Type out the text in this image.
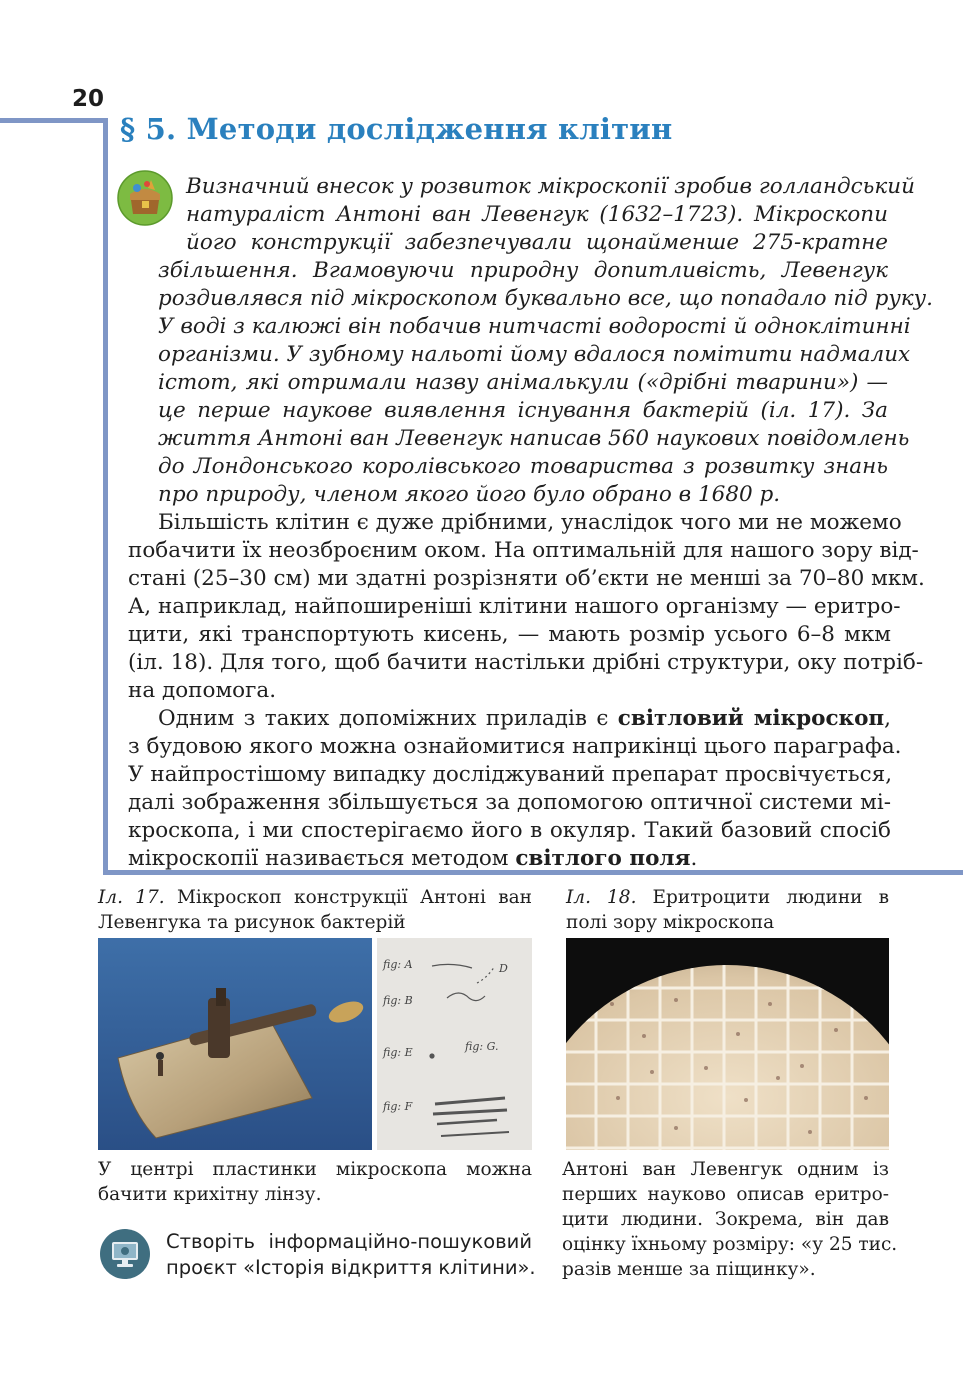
20
§ 5. Методи дослідження клітин
Визначний внесок у розвиток мікроскопії зробив голландський
натураліст Антоні ван Левенгук (1632–1723). Мікроскопи
його конструкції забезпечували щонайменше 275-кратне
збільшення. Вгамовуючи природну допитливість, Левенгук
роздивлявся під мікроскопом буквально все, що попадало під руку.
У воді з калюжі він побачив нитчасті водорості й одноклітинні
організми. У зубному нальоті йому вдалося помітити надмалих
істот, які отримали назву анімалькули («дрібні тварини») —
це перше наукове виявлення існування бактерій (іл. 17). За
життя Антоні ван Левенгук написав 560 наукових повідомлень
до Лондонського королівського товариства з розвитку знань
про природу, членом якого його було обрано в 1680 р.
Більшість клітин є дуже дрібними, унаслідок чого ми не можемо
побачити їх неозброєним оком. На оптимальній для нашого зору від-
стані (25–30 см) ми здатні розрізняти об’єкти не менші за 70–80 мкм.
А, наприклад, найпоширеніші клітини нашого організму — еритро-
цити, які транспортують кисень, — мають розмір усього 6–8 мкм
(іл. 18). Для того, щоб бачити настільки дрібні структури, оку потріб-
на допомога.
Одним з таких допоміжних приладів є світловий мікроскоп,
з будовою якого можна ознайомитися наприкінці цього параграфа.
У найпростішому випадку досліджуваний препарат просвічується,
далі зображення збільшується за допомогою оптичної системи мі-
кроскопа, і ми спостерігаємо його в окуляр. Такий базовий спосіб
мікроскопії називається методом світлого поля.
Іл. 17. Мікроскоп конструкції Антоні ван
Левенгука та рисунок бактерій
fig: A	D
fig: B
fig: E	fig: G.
fig: F
У центрі пластинки мікроскопа можна
бачити крихітну лінзу.
Іл. 18. Еритроцити людини в
полі зору мікроскопа
Антоні ван Левенгук одним із
перших науково описав еритро-
цити людини. Зокрема, він дав
оцінку їхньому розміру: «у 25 тис.
разів менше за піщинку».
Створіть інформаційно-пошуковий
проєкт «Історія відкриття клітини».
